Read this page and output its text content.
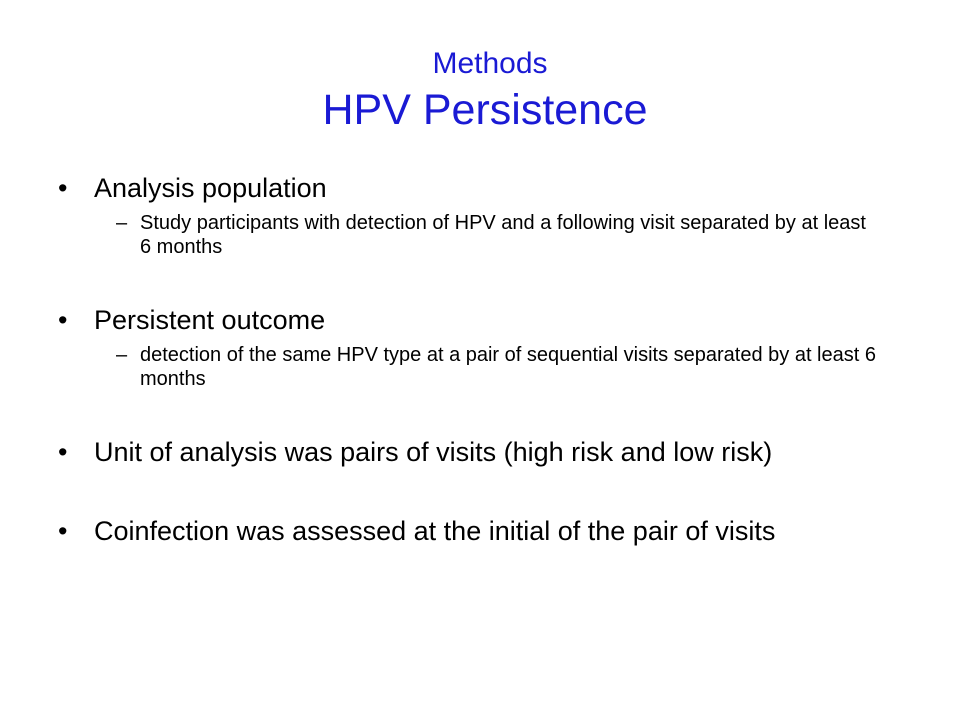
Methods
HPV Persistence
• Analysis population
– Study participants with detection of HPV and a following visit separated by at least 6 months
• Persistent outcome
– detection of the same HPV type at a pair of sequential visits separated by at least 6 months
• Unit of analysis was pairs of visits (high risk and low risk)
• Coinfection was assessed at the initial of the pair of visits
